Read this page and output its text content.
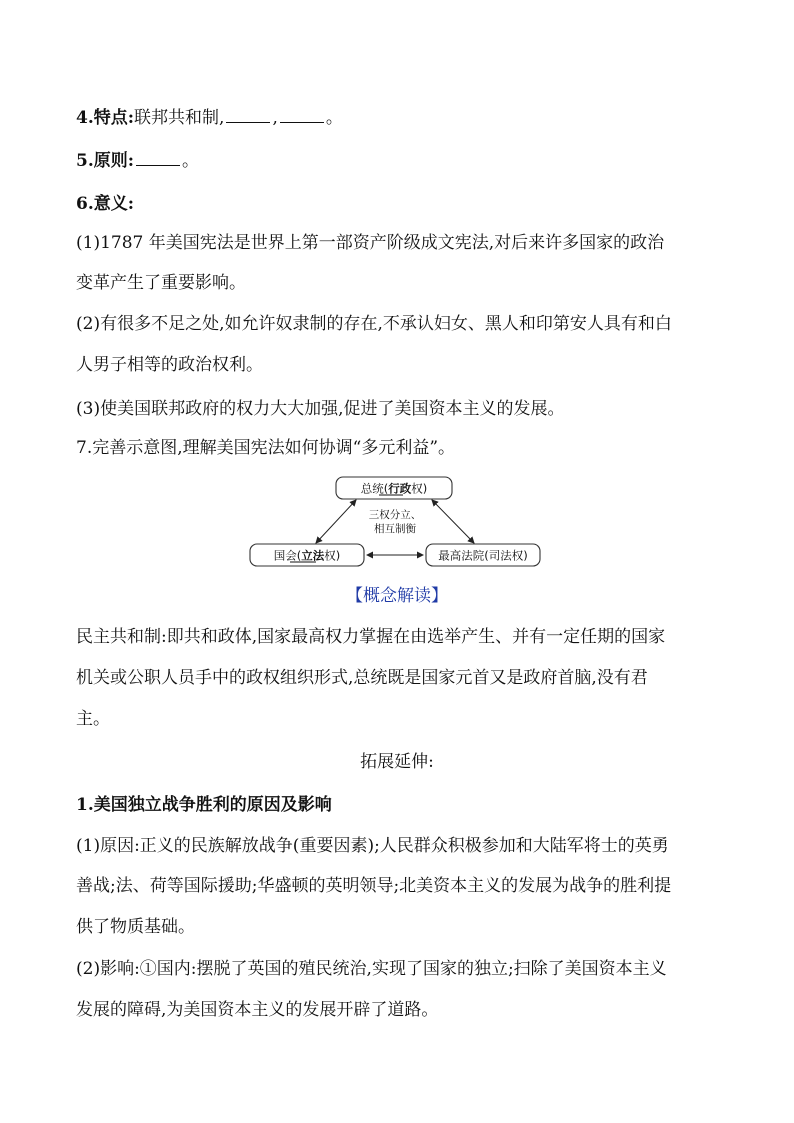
4.特点:联邦共和制,	,	。
5.原则:	。
6.意义:
(1)1787 年美国宪法是世界上第一部资产阶级成文宪法,对后来许多国家的政治
变革产生了重要影响。
(2)有很多不足之处,如允许奴隶制的存在,不承认妇女、黑人和印第安人具有和白
人男子相等的政治权利。
(3)使美国联邦政府的权力大大加强,促进了美国资本主义的发展。
7.完善示意图,理解美国宪法如何协调“多元利益”。
总统(行政权)
三权分立、
相互制衡
国会(立法权)	最高法院(司法权)
【概念解读】
民主共和制:即共和政体,国家最高权力掌握在由选举产生、并有一定任期的国家
机关或公职人员手中的政权组织形式,总统既是国家元首又是政府首脑,没有君
主。
拓展延伸:
1.美国独立战争胜利的原因及影响
(1)原因:正义的民族解放战争(重要因素);人民群众积极参加和大陆军将士的英勇
善战;法、荷等国际援助;华盛顿的英明领导;北美资本主义的发展为战争的胜利提
供了物质基础。
(2)影响:①国内:摆脱了英国的殖民统治,实现了国家的独立;扫除了美国资本主义
发展的障碍,为美国资本主义的发展开辟了道路。
